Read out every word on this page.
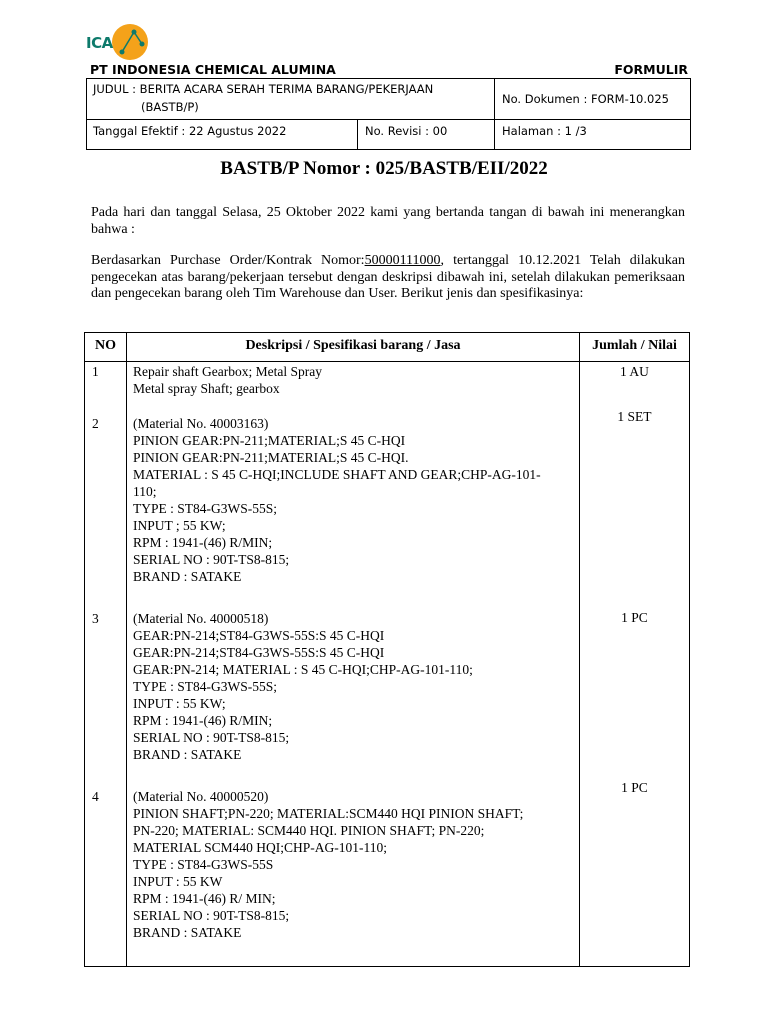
ICA
PT INDONESIA CHEMICAL ALUMINA	FORMULIR
JUDUL : BERITA ACARA SERAH TERIMA BARANG/PEKERJAAN
(BASTB/P)
No. Dokumen : FORM-10.025
Tanggal Efektif : 22 Agustus 2022	No. Revisi : 00	Halaman : 1 /3
BASTB/P Nomor : 025/BASTB/EII/2022
Pada hari dan tanggal Selasa, 25 Oktober 2022 kami yang bertanda tangan di bawah ini menerangkan bahwa :
Berdasarkan Purchase Order/Kontrak Nomor:50000111000, tertanggal 10.12.2021 Telah dilakukan pengecekan atas barang/pekerjaan tersebut dengan deskripsi dibawah ini, setelah dilakukan pemeriksaan dan pengecekan barang oleh Tim Warehouse dan User. Berikut jenis dan spesifikasinya:
NO	Deskripsi / Spesifikasi barang / Jasa	Jumlah / Nilai
1	Repair shaft Gearbox; Metal Spray
Metal spray Shaft; gearbox
1 AU
2	(Material No. 40003163)
PINION GEAR:PN-211;MATERIAL;S 45 C-HQI
PINION GEAR:PN-211;MATERIAL;S 45 C-HQI.
MATERIAL : S 45 C-HQI;INCLUDE SHAFT AND GEAR;CHP-AG-101-
110;
TYPE : ST84-G3WS-55S;
INPUT ; 55 KW;
RPM : 1941-(46) R/MIN;
SERIAL NO : 90T-TS8-815;
BRAND : SATAKE
1 SET
3	(Material No. 40000518)
GEAR:PN-214;ST84-G3WS-55S:S 45 C-HQI
GEAR:PN-214;ST84-G3WS-55S:S 45 C-HQI
GEAR:PN-214; MATERIAL : S 45 C-HQI;CHP-AG-101-110;
TYPE : ST84-G3WS-55S;
INPUT : 55 KW;
RPM : 1941-(46) R/MIN;
SERIAL NO : 90T-TS8-815;
BRAND : SATAKE
1 PC
4	(Material No. 40000520)
PINION SHAFT;PN-220; MATERIAL:SCM440 HQI PINION SHAFT;
PN-220; MATERIAL: SCM440 HQI. PINION SHAFT; PN-220;
MATERIAL SCM440 HQI;CHP-AG-101-110;
TYPE : ST84-G3WS-55S
INPUT : 55 KW
RPM : 1941-(46) R/ MIN;
SERIAL NO : 90T-TS8-815;
BRAND : SATAKE
1 PC
